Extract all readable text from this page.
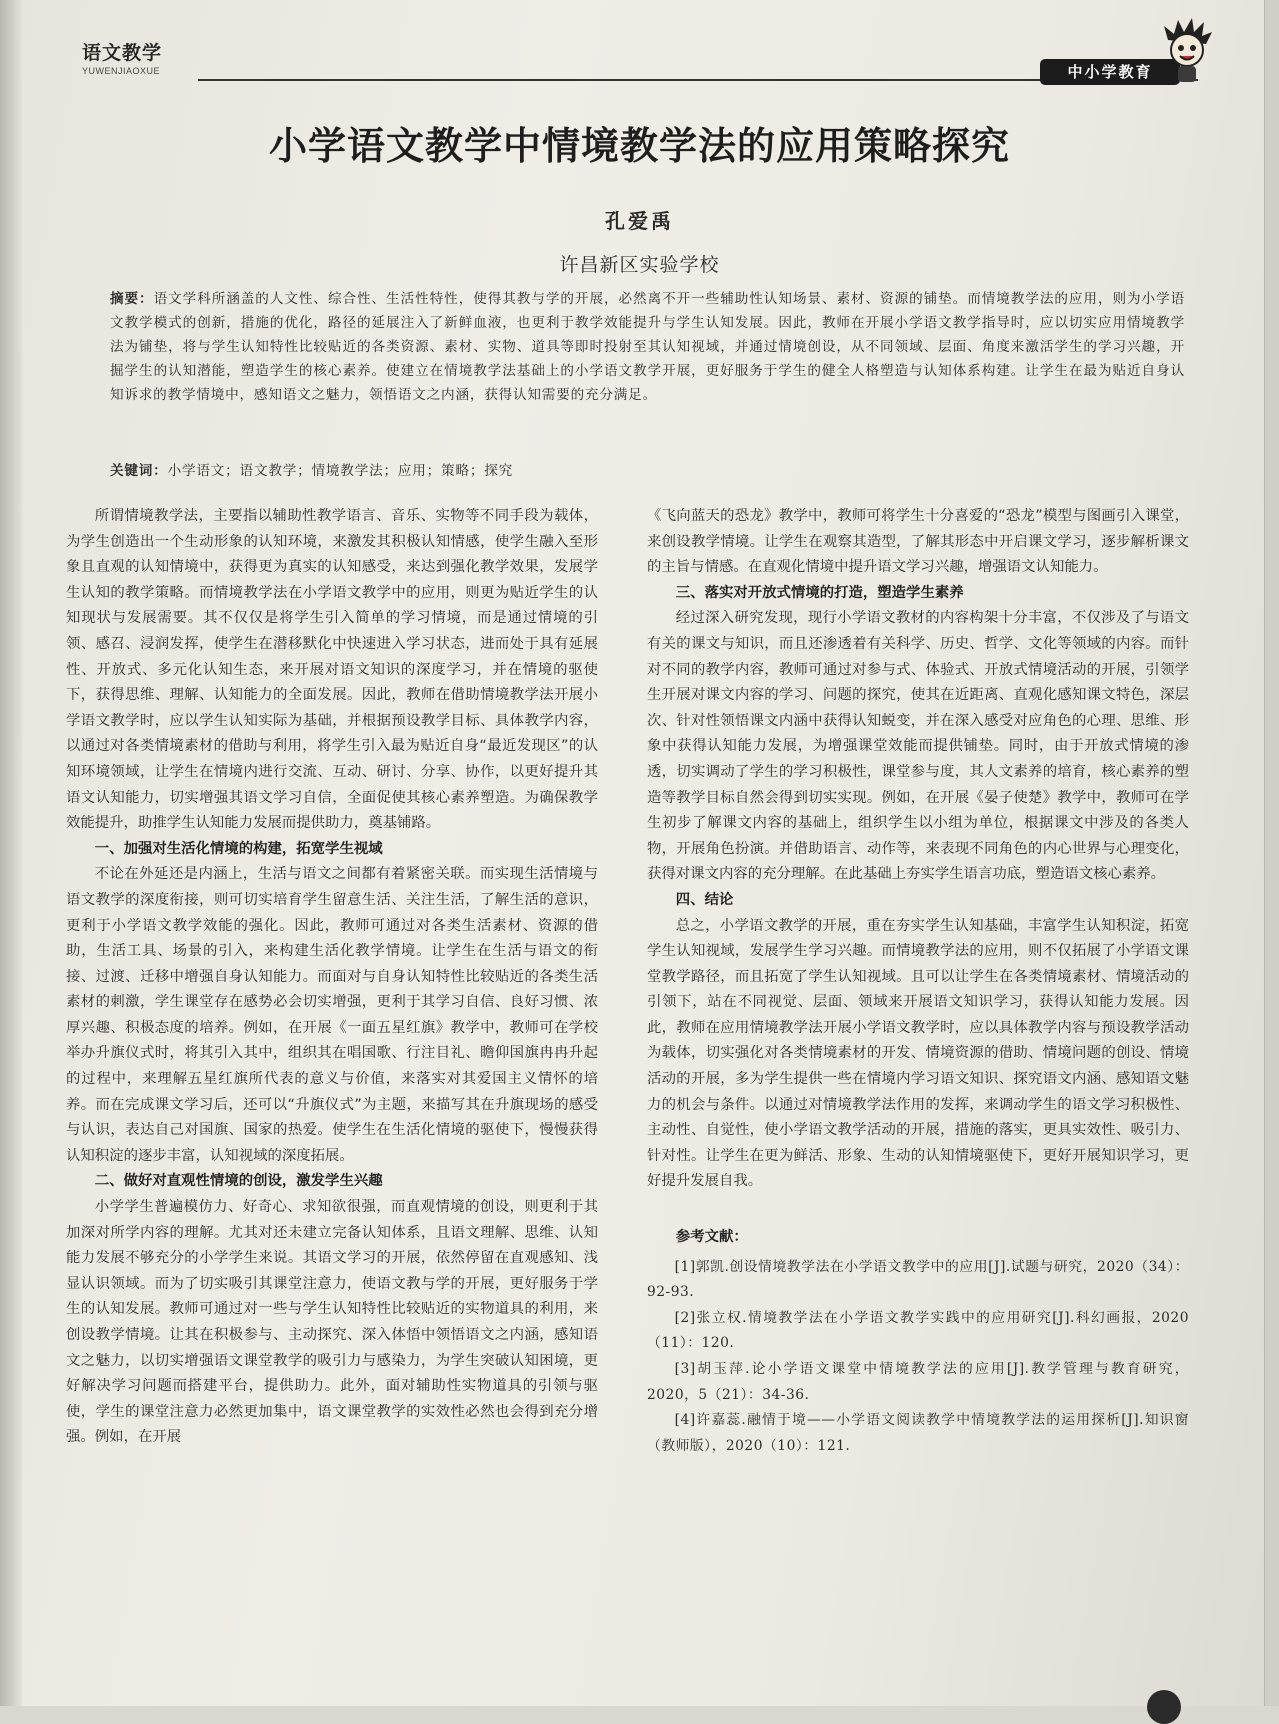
语文教学
YUWENJIAOXUE	中小学教育
小学语文教学中情境教学法的应用策略探究
孔爱禹
许昌新区实验学校
摘要：语文学科所涵盖的人文性、综合性、生活性特性，使得其教与学的开展，必然离不开一些辅助性认知场景、素材、资源的铺垫。而情境教学法的应用，则为小学语文教学模式的创新，措施的优化，路径的延展注入了新鲜血液，也更利于教学效能提升与学生认知发展。因此，教师在开展小学语文教学指导时，应以切实应用情境教学法为铺垫，将与学生认知特性比较贴近的各类资源、素材、实物、道具等即时投射至其认知视域，并通过情境创设，从不同领域、层面、角度来激活学生的学习兴趣，开掘学生的认知潜能，塑造学生的核心素养。使建立在情境教学法基础上的小学语文教学开展，更好服务于学生的健全人格塑造与认知体系构建。让学生在最为贴近自身认知诉求的教学情境中，感知语文之魅力，领悟语文之内涵，获得认知需要的充分满足。
关键词：小学语文；语文教学；情境教学法；应用；策略；探究

所谓情境教学法，主要指以辅助性教学语言、音乐、实物等不同手段为载体，为学生创造出一个生动形象的认知环境，来激发其积极认知情感，使学生融入至形象且直观的认知情境中，获得更为真实的认知感受，来达到强化教学效果，发展学生认知的教学策略。而情境教学法在小学语文教学中的应用，则更为贴近学生的认知现状与发展需要。其不仅仅是将学生引入简单的学习情境，而是通过情境的引领、感召、浸润发挥，使学生在潜移默化中快速进入学习状态，进而处于具有延展性、开放式、多元化认知生态，来开展对语文知识的深度学习，并在情境的驱使下，获得思维、理解、认知能力的全面发展。因此，教师在借助情境教学法开展小学语文教学时，应以学生认知实际为基础，并根据预设教学目标、具体教学内容，以通过对各类情境素材的借助与利用，将学生引入最为贴近自身“最近发现区”的认知环境领域，让学生在情境内进行交流、互动、研讨、分享、协作，以更好提升其语文认知能力，切实增强其语文学习自信，全面促使其核心素养塑造。为确保教学效能提升，助推学生认知能力发展而提供助力，奠基铺路。

一、加强对生活化情境的构建，拓宽学生视域

不论在外延还是内涵上，生活与语文之间都有着紧密关联。而实现生活情境与语文教学的深度衔接，则可切实培育学生留意生活、关注生活，了解生活的意识，更利于小学语文教学效能的强化。因此，教师可通过对各类生活素材、资源的借助，生活工具、场景的引入，来构建生活化教学情境。让学生在生活与语文的衔接、过渡、迁移中增强自身认知能力。而面对与自身认知特性比较贴近的各类生活素材的刺激，学生课堂存在感势必会切实增强，更利于其学习自信、良好习惯、浓厚兴趣、积极态度的培养。例如，在开展《一面五星红旗》教学中，教师可在学校举办升旗仪式时，将其引入其中，组织其在唱国歌、行注目礼、瞻仰国旗冉冉升起的过程中，来理解五星红旗所代表的意义与价值，来落实对其爱国主义情怀的培养。而在完成课文学习后，还可以“升旗仪式”为主题，来描写其在升旗现场的感受与认识，表达自己对国旗、国家的热爱。使学生在生活化情境的驱使下，慢慢获得认知积淀的逐步丰富，认知视域的深度拓展。

二、做好对直观性情境的创设，激发学生兴趣

小学学生普遍模仿力、好奇心、求知欲很强，而直观情境的创设，则更利于其加深对所学内容的理解。尤其对还未建立完备认知体系，且语文理解、思维、认知能力发展不够充分的小学学生来说。其语文学习的开展，依然停留在直观感知、浅显认识领域。而为了切实吸引其课堂注意力，使语文教与学的开展，更好服务于学生的认知发展。教师可通过对一些与学生认知特性比较贴近的实物道具的利用，来创设教学情境。让其在积极参与、主动探究、深入体悟中领悟语文之内涵，感知语文之魅力，以切实增强语文课堂教学的吸引力与感染力，为学生突破认知困境，更好解决学习问题而搭建平台，提供助力。此外，面对辅助性实物道具的引领与驱使，学生的课堂注意力必然更加集中，语文课堂教学的实效性必然也会得到充分增强。例如，在开展

《飞向蓝天的恐龙》教学中，教师可将学生十分喜爱的“恐龙”模型与图画引入课堂，来创设教学情境。让学生在观察其造型，了解其形态中开启课文学习，逐步解析课文的主旨与情感。在直观化情境中提升语文学习兴趣，增强语文认知能力。

三、落实对开放式情境的打造，塑造学生素养

经过深入研究发现，现行小学语文教材的内容构架十分丰富，不仅涉及了与语文有关的课文与知识，而且还渗透着有关科学、历史、哲学、文化等领域的内容。而针对不同的教学内容，教师可通过对参与式、体验式、开放式情境活动的开展，引领学生开展对课文内容的学习、问题的探究，使其在近距离、直观化感知课文特色，深层次、针对性领悟课文内涵中获得认知蜕变，并在深入感受对应角色的心理、思维、形象中获得认知能力发展，为增强课堂效能而提供铺垫。同时，由于开放式情境的渗透，切实调动了学生的学习积极性，课堂参与度，其人文素养的培育，核心素养的塑造等教学目标自然会得到切实实现。例如，在开展《晏子使楚》教学中，教师可在学生初步了解课文内容的基础上，组织学生以小组为单位，根据课文中涉及的各类人物，开展角色扮演。并借助语言、动作等，来表现不同角色的内心世界与心理变化，获得对课文内容的充分理解。在此基础上夯实学生语言功底，塑造语文核心素养。

四、结论

总之，小学语文教学的开展，重在夯实学生认知基础，丰富学生认知积淀，拓宽学生认知视域，发展学生学习兴趣。而情境教学法的应用，则不仅拓展了小学语文课堂教学路径，而且拓宽了学生认知视域。且可以让学生在各类情境素材、情境活动的引领下，站在不同视觉、层面、领域来开展语文知识学习，获得认知能力发展。因此，教师在应用情境教学法开展小学语文教学时，应以具体教学内容与预设教学活动为载体，切实强化对各类情境素材的开发、情境资源的借助、情境问题的创设、情境活动的开展，多为学生提供一些在情境内学习语文知识、探究语文内涵、感知语文魅力的机会与条件。以通过对情境教学法作用的发挥，来调动学生的语文学习积极性、主动性、自觉性，使小学语文教学活动的开展，措施的落实，更具实效性、吸引力、针对性。让学生在更为鲜活、形象、生动的认知情境驱使下，更好开展知识学习，更好提升发展自我。

参考文献：

[1]郭凯.创设情境教学法在小学语文教学中的应用[J].试题与研究，2020（34）：92-93.

[2]张立权.情境教学法在小学语文教学实践中的应用研究[J].科幻画报，2020（11）：120.

[3]胡玉萍.论小学语文课堂中情境教学法的应用[J].教学管理与教育研究，2020，5（21）：34-36.

[4]许嘉蕊.融情于境——小学语文阅读教学中情境教学法的运用探析[J].知识窗（教师版），2020（10）：121.
